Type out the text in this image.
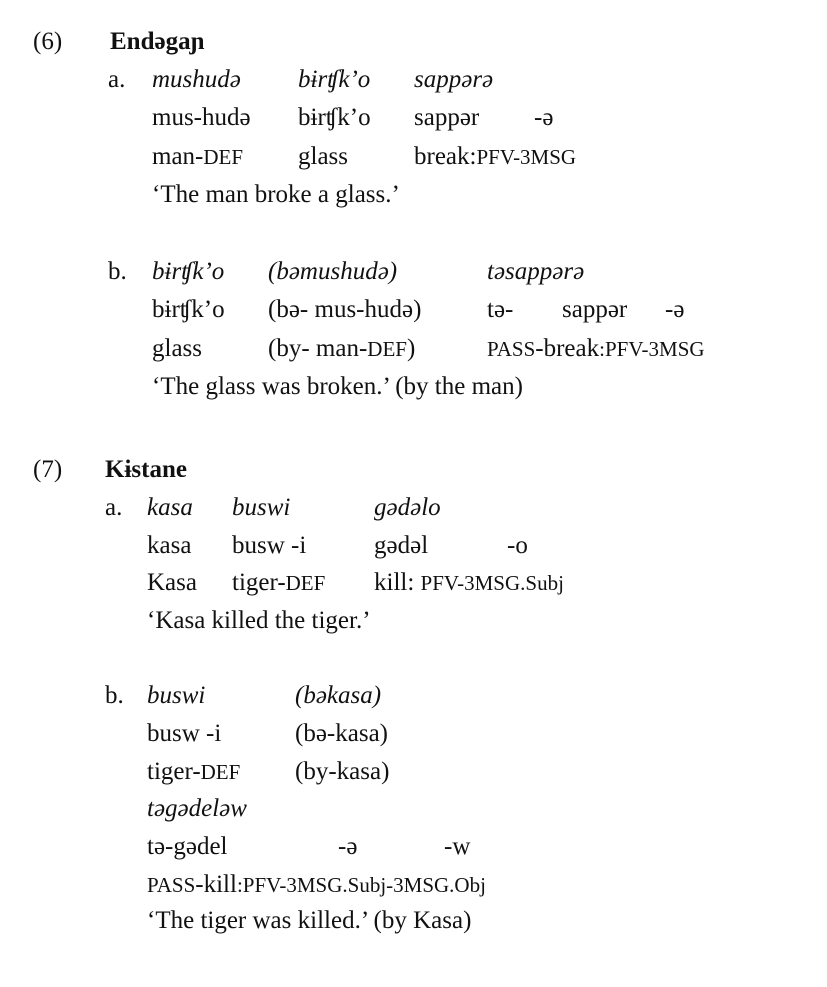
(6) Endəgaɲ
a. mushudə bɨrʧk’o sappərə
mus-hudə bɨrʧk’o sappər -ə
man-DEF glass	break:PFV-3MSG
‘The man broke a glass.’
b. bɨrʧk’o (bəmushudə)	təsappərə
bɨrʧk’o (bə- mus-hudə)	tə- sappər -ə
glass	(by- man-DEF)	PASS-break:PFV-3MSG
‘The glass was broken.’ (by the man)
(7) Kɨstane
a. kasa buswi	gədəlo
kasa busw -i	gədəl	-o
Kasa tiger-DEF kill: PFV-3MSG.Subj
‘Kasa killed the tiger.’
b. buswi	(bəkasa)
busw -i	(bə-kasa)
tiger-DEF (by-kasa)
təgədeləw
tə-gədel	-ə	-w
PASS-kill:PFV-3MSG.Subj-3MSG.Obj
‘The tiger was killed.’ (by Kasa)
